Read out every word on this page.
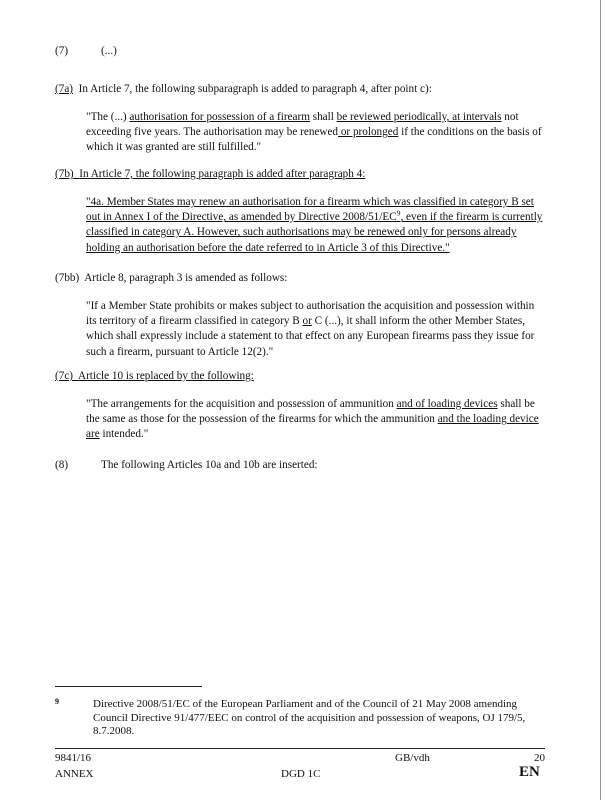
(7)	(...)

(7a) In Article 7, the following subparagraph is added to paragraph 4, after point c):

"The (...) authorisation for possession of a firearm shall be reviewed periodically, at intervals not exceeding five years. The authorisation may be renewed or prolonged if the conditions on the basis of which it was granted are still fulfilled."

(7b) In Article 7, the following paragraph is added after paragraph 4:

"4a. Member States may renew an authorisation for a firearm which was classified in category B set out in Annex I of the Directive, as amended by Directive $2008/51/EC^9$, even if the firearm is currently classified in category A. However, such authorisations may be renewed only for persons already holding an authorisation before the date referred to in Article 3 of this Directive."

(7bb) Article 8, paragraph 3 is amended as follows:

"If a Member State prohibits or makes subject to authorisation the acquisition and possession within its territory of a firearm classified in category B or C (...), it shall inform the other Member States, which shall expressly include a statement to that effect on any European firearms pass they issue for such a firearm, pursuant to Article 12(2)."

(7c) Article 10 is replaced by the following:

"The arrangements for the acquisition and possession of ammunition and of loading devices shall be the same as those for the possession of the firearms for which the ammunition and the loading device are intended."

(8)	The following Articles 10a and 10b are inserted:

9	Directive 2008/51/EC of the European Parliament and of the Council of 21 May 2008 amending Council Directive 91/477/EEC on control of the acquisition and possession of weapons, OJ 179/5, 8.7.2008.

9841/16

ANNEX

GB/vdh

DGD 1C

20

EN
